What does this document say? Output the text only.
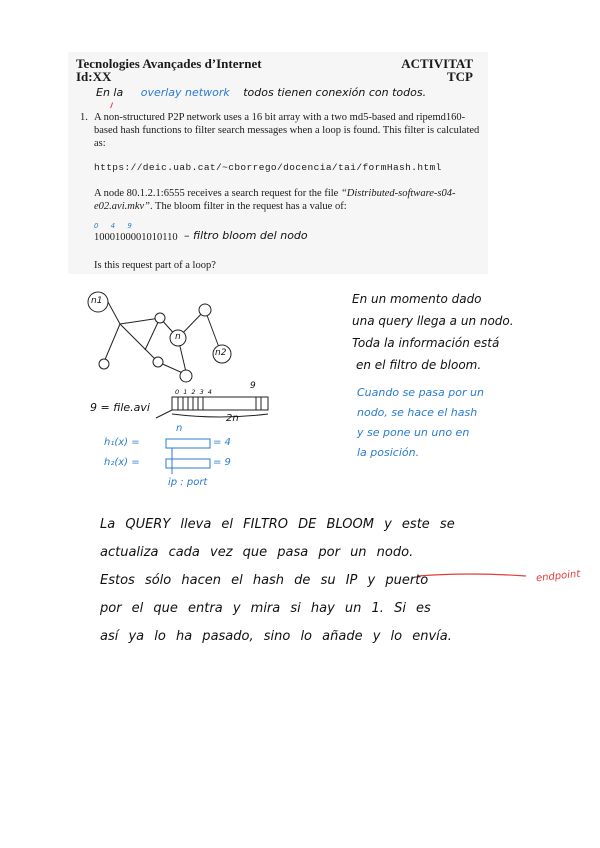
Tecnologies Avançades d’Internet
Id:XX
ACTIVITAT
TCP
En la overlay network todos tienen conexión con todos.
1. A non-structured P2P network uses a 16 bit array with a two md5-based and ripemd160-
based hash functions to filter search messages when a loop is found. This filter is calculated
as:
https://deic.uab.cat/~cborrego/docencia/tai/formHash.html
A node 80.1.2.1:6555 receives a search request for the file “Distributed-software-s04-
e02.avi.mkv”. The bloom filter in the request has a value of:
0 4 9
1000100001010110 – filtro bloom del nodo
Is this request part of a loop?
n1
n
n2
0 1 2 3 4
9
2n
9 = file.avi
n
h₁(x) =	= 4
h₂(x) =	= 9
ip : port
En un momento dado
una query llega a un nodo.
Toda la información está
en el filtro de bloom.
Cuando se pasa por un
nodo, se hace el hash
y se pone un uno en
la posición.
La QUERY lleva el FILTRO DE BLOOM y este se
actualiza cada vez que pasa por un nodo.
Estos sólo hacen el hash de su IP y puerto
por el que entra y mira si hay un 1. Si es
así ya lo ha pasado, sino lo añade y lo envía.
endpoint
